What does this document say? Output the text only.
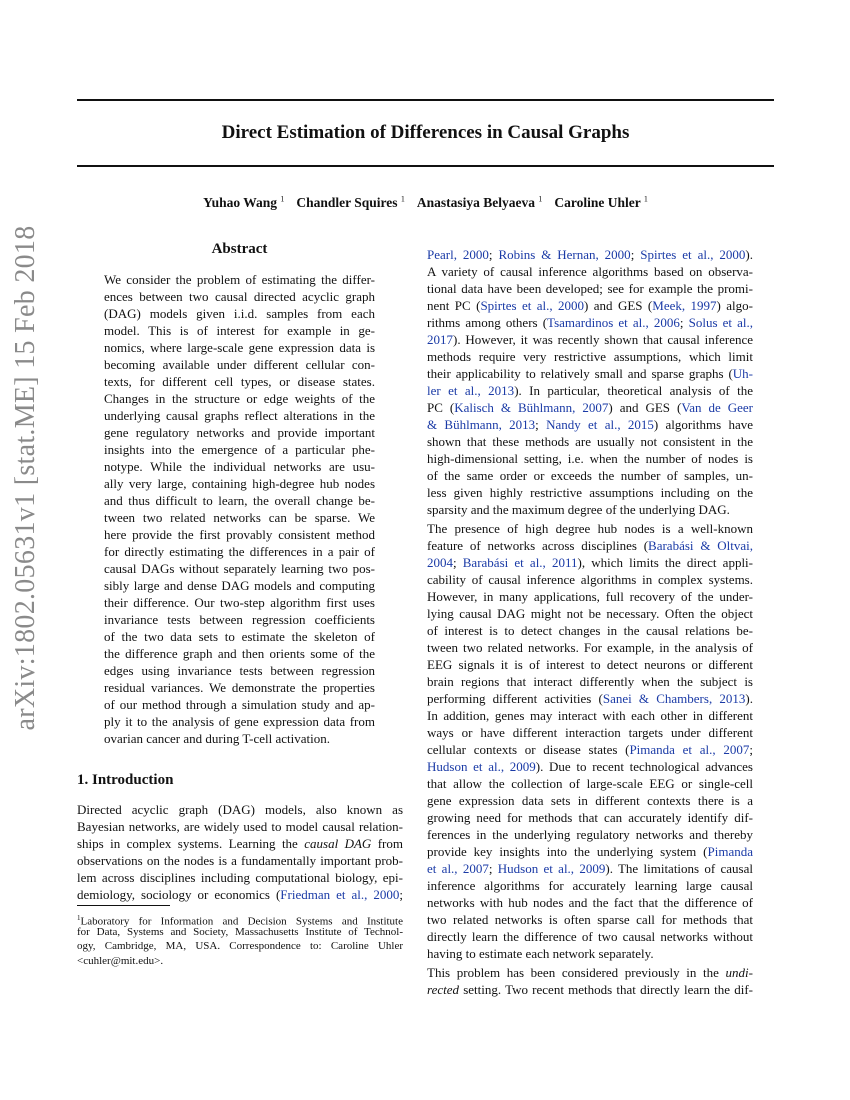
arXiv:1802.05631v1 [stat.ME] 15 Feb 2018
Direct Estimation of Differences in Causal Graphs
Yuhao Wang $^1$ Chandler Squires $^1$ Anastasiya Belyaeva $^1$ Caroline Uhler $^1$
Abstract
We consider the problem of estimating the differ-
ences between two causal directed acyclic graph
(DAG) models given i.i.d. samples from each
model. This is of interest for example in ge-
nomics, where large-scale gene expression data is
becoming available under different cellular con-
texts, for different cell types, or disease states.
Changes in the structure or edge weights of the
underlying causal graphs reflect alterations in the
gene regulatory networks and provide important
insights into the emergence of a particular phe-
notype. While the individual networks are usu-
ally very large, containing high-degree hub nodes
and thus difficult to learn, the overall change be-
tween two related networks can be sparse. We
here provide the first provably consistent method
for directly estimating the differences in a pair of
causal DAGs without separately learning two pos-
sibly large and dense DAG models and computing
their difference. Our two-step algorithm first uses
invariance tests between regression coefficients
of the two data sets to estimate the skeleton of
the difference graph and then orients some of the
edges using invariance tests between regression
residual variances. We demonstrate the properties
of our method through a simulation study and ap-
ply it to the analysis of gene expression data from
ovarian cancer and during T-cell activation.
1. Introduction
Directed acyclic graph (DAG) models, also known as
Bayesian networks, are widely used to model causal relation-
ships in complex systems. Learning the causal DAG from
observations on the nodes is a fundamentally important prob-
lem across disciplines including computational biology, epi-
demiology, sociology or economics (Friedman et al., 2000;
$^1$Laboratory for Information and Decision Systems and Institute
for Data, Systems and Society, Massachusetts Institute of Technol-
ogy, Cambridge, MA, USA. Correspondence to: Caroline Uhler
<cuhler@mit.edu>.
Pearl, 2000; Robins & Hernan, 2000; Spirtes et al., 2000).
A variety of causal inference algorithms based on observa-
tional data have been developed; see for example the promi-
nent PC (Spirtes et al., 2000) and GES (Meek, 1997) algo-
rithms among others (Tsamardinos et al., 2006; Solus et al.,
2017). However, it was recently shown that causal inference
methods require very restrictive assumptions, which limit
their applicability to relatively small and sparse graphs (Uh-
ler et al., 2013). In particular, theoretical analysis of the
PC (Kalisch & Bühlmann, 2007) and GES (Van de Geer
& Bühlmann, 2013; Nandy et al., 2015) algorithms have
shown that these methods are usually not consistent in the
high-dimensional setting, i.e. when the number of nodes is
of the same order or exceeds the number of samples, un-
less given highly restrictive assumptions including on the
sparsity and the maximum degree of the underlying DAG.
The presence of high degree hub nodes is a well-known
feature of networks across disciplines (Barabási & Oltvai,
2004; Barabási et al., 2011), which limits the direct appli-
cability of causal inference algorithms in complex systems.
However, in many applications, full recovery of the under-
lying causal DAG might not be necessary. Often the object
of interest is to detect changes in the causal relations be-
tween two related networks. For example, in the analysis of
EEG signals it is of interest to detect neurons or different
brain regions that interact differently when the subject is
performing different activities (Sanei & Chambers, 2013).
In addition, genes may interact with each other in different
ways or have different interaction targets under different
cellular contexts or disease states (Pimanda et al., 2007;
Hudson et al., 2009). Due to recent technological advances
that allow the collection of large-scale EEG or single-cell
gene expression data sets in different contexts there is a
growing need for methods that can accurately identify dif-
ferences in the underlying regulatory networks and thereby
provide key insights into the underlying system (Pimanda
et al., 2007; Hudson et al., 2009). The limitations of causal
inference algorithms for accurately learning large causal
networks with hub nodes and the fact that the difference of
two related networks is often sparse call for methods that
directly learn the difference of two causal networks without
having to estimate each network separately.
This problem has been considered previously in the undi-
rected setting. Two recent methods that directly learn the dif-
